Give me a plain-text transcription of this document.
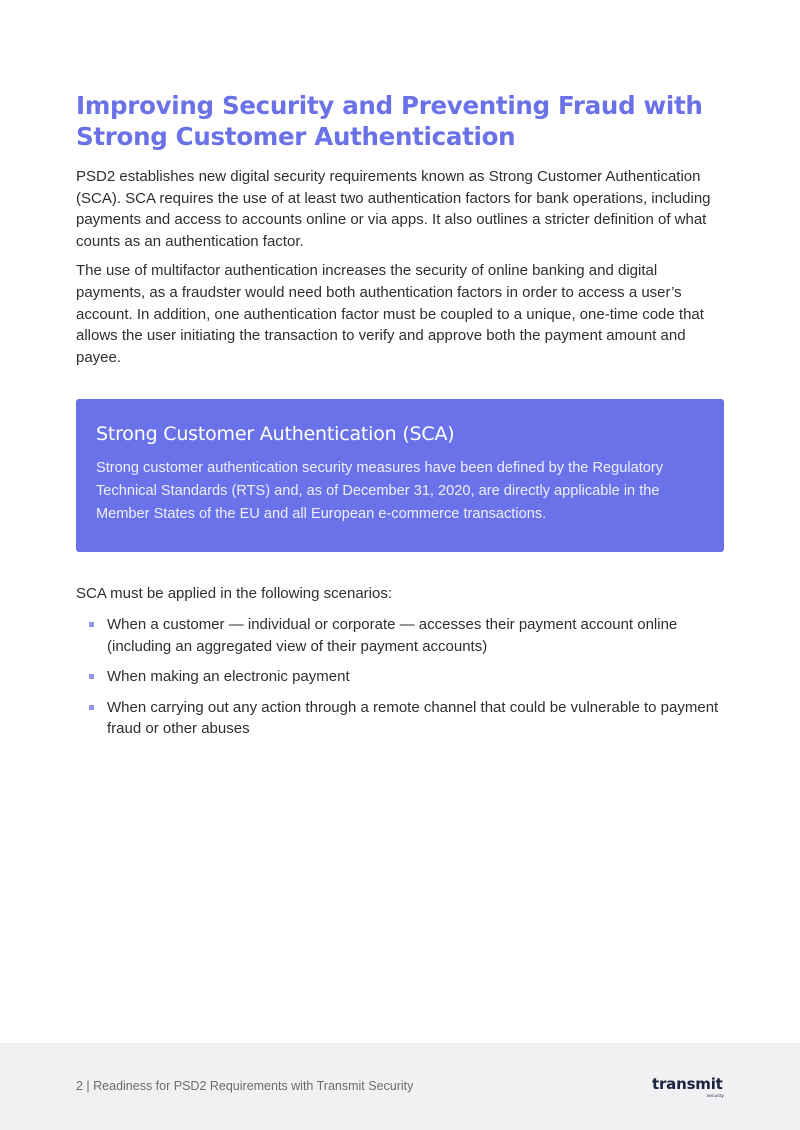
Improving Security and Preventing Fraud with Strong Customer Authentication

PSD2 establishes new digital security requirements known as Strong Customer Authentication (SCA). SCA requires the use of at least two authentication factors for bank operations, including payments and access to accounts online or via apps. It also outlines a stricter definition of what counts as an authentication factor.

The use of multifactor authentication increases the security of online banking and digital payments, as a fraudster would need both authentication factors in order to access a user’s account. In addition, one authentication factor must be coupled to a unique, one-time code that allows the user initiating the transaction to verify and approve both the payment amount and payee.

Strong Customer Authentication (SCA)

Strong customer authentication security measures have been defined by the Regulatory Technical Standards (RTS) and, as of December 31, 2020, are directly applicable in the Member States of the EU and all European e-commerce transactions.

SCA must be applied in the following scenarios:

When a customer — individual or corporate — accesses their payment account online (including an aggregated view of their payment accounts)
When making an electronic payment
When carrying out any action through a remote channel that could be vulnerable to payment fraud or other abuses
2 | Readiness for PSD2 Requirements with Transmit Security	transmit
security
